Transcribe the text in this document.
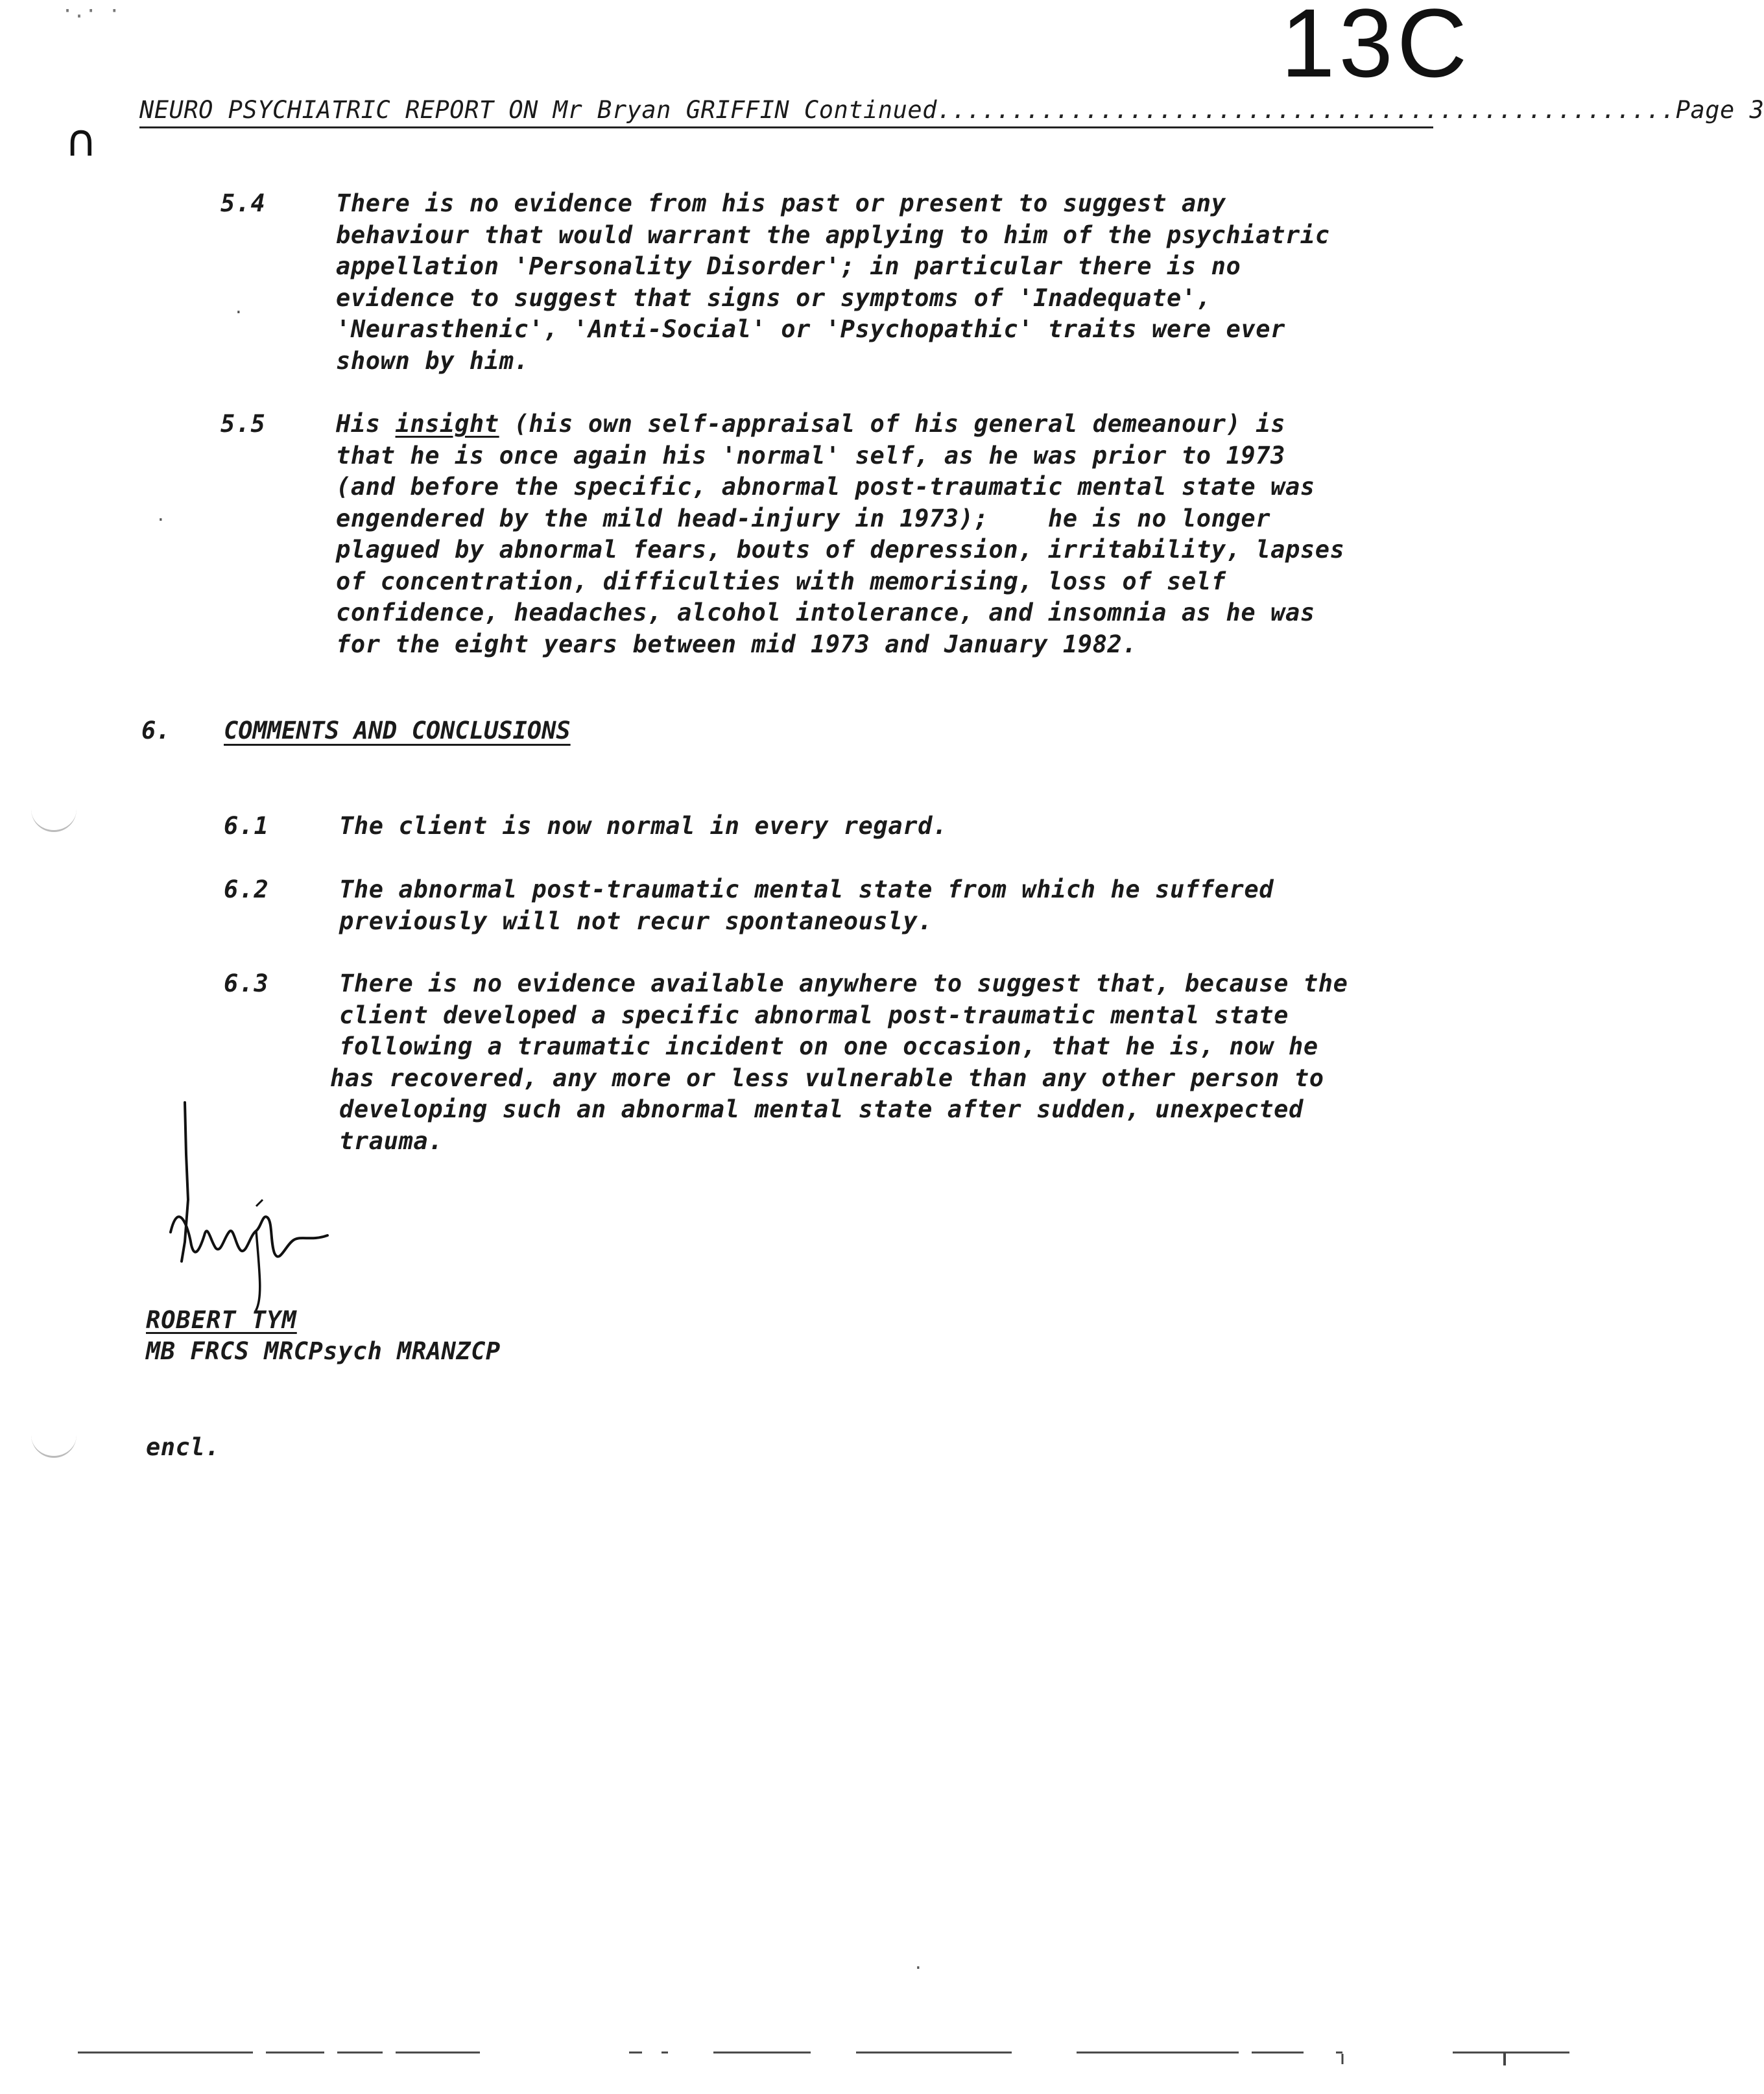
·.· ·	13C
NEURO PSYCHIATRIC REPORT ON Mr Bryan GRIFFIN Continued .................................................. Page 3
∩
.
.
5.4	There is no evidence from his past or present to suggest any
behaviour that would warrant the applying to him of the psychiatric
appellation 'Personality Disorder'; in particular there is no
evidence to suggest that signs or symptoms of 'Inadequate',
'Neurasthenic', 'Anti-Social' or 'Psychopathic' traits were ever
shown by him.
5.5	His insight (his own self-appraisal of his general demeanour) is
that he is once again his 'normal' self, as he was prior to 1973
(and before the specific, abnormal post-traumatic mental state was
engendered by the mild head-injury in 1973);    he is no longer
plagued by abnormal fears, bouts of depression, irritability, lapses
of concentration, difficulties with memorising, loss of self
confidence, headaches, alcohol intolerance, and insomnia as he was
for the eight years between mid 1973 and January 1982.
6. COMMENTS AND CONCLUSIONS
6.1	The client is now normal in every regard.
6.2	The abnormal post-traumatic mental state from which he suffered
previously will not recur spontaneously.
6.3	There is no evidence available anywhere to suggest that, because the
client developed a specific abnormal post-traumatic mental state
following a traumatic incident on one occasion, that he is, now he
has recovered, any more or less vulnerable than any other person to
developing such an abnormal mental state after sudden, unexpected
trauma.
ROBERT TYM
MB FRCS MRCPsych MRANZCP
encl.
·
